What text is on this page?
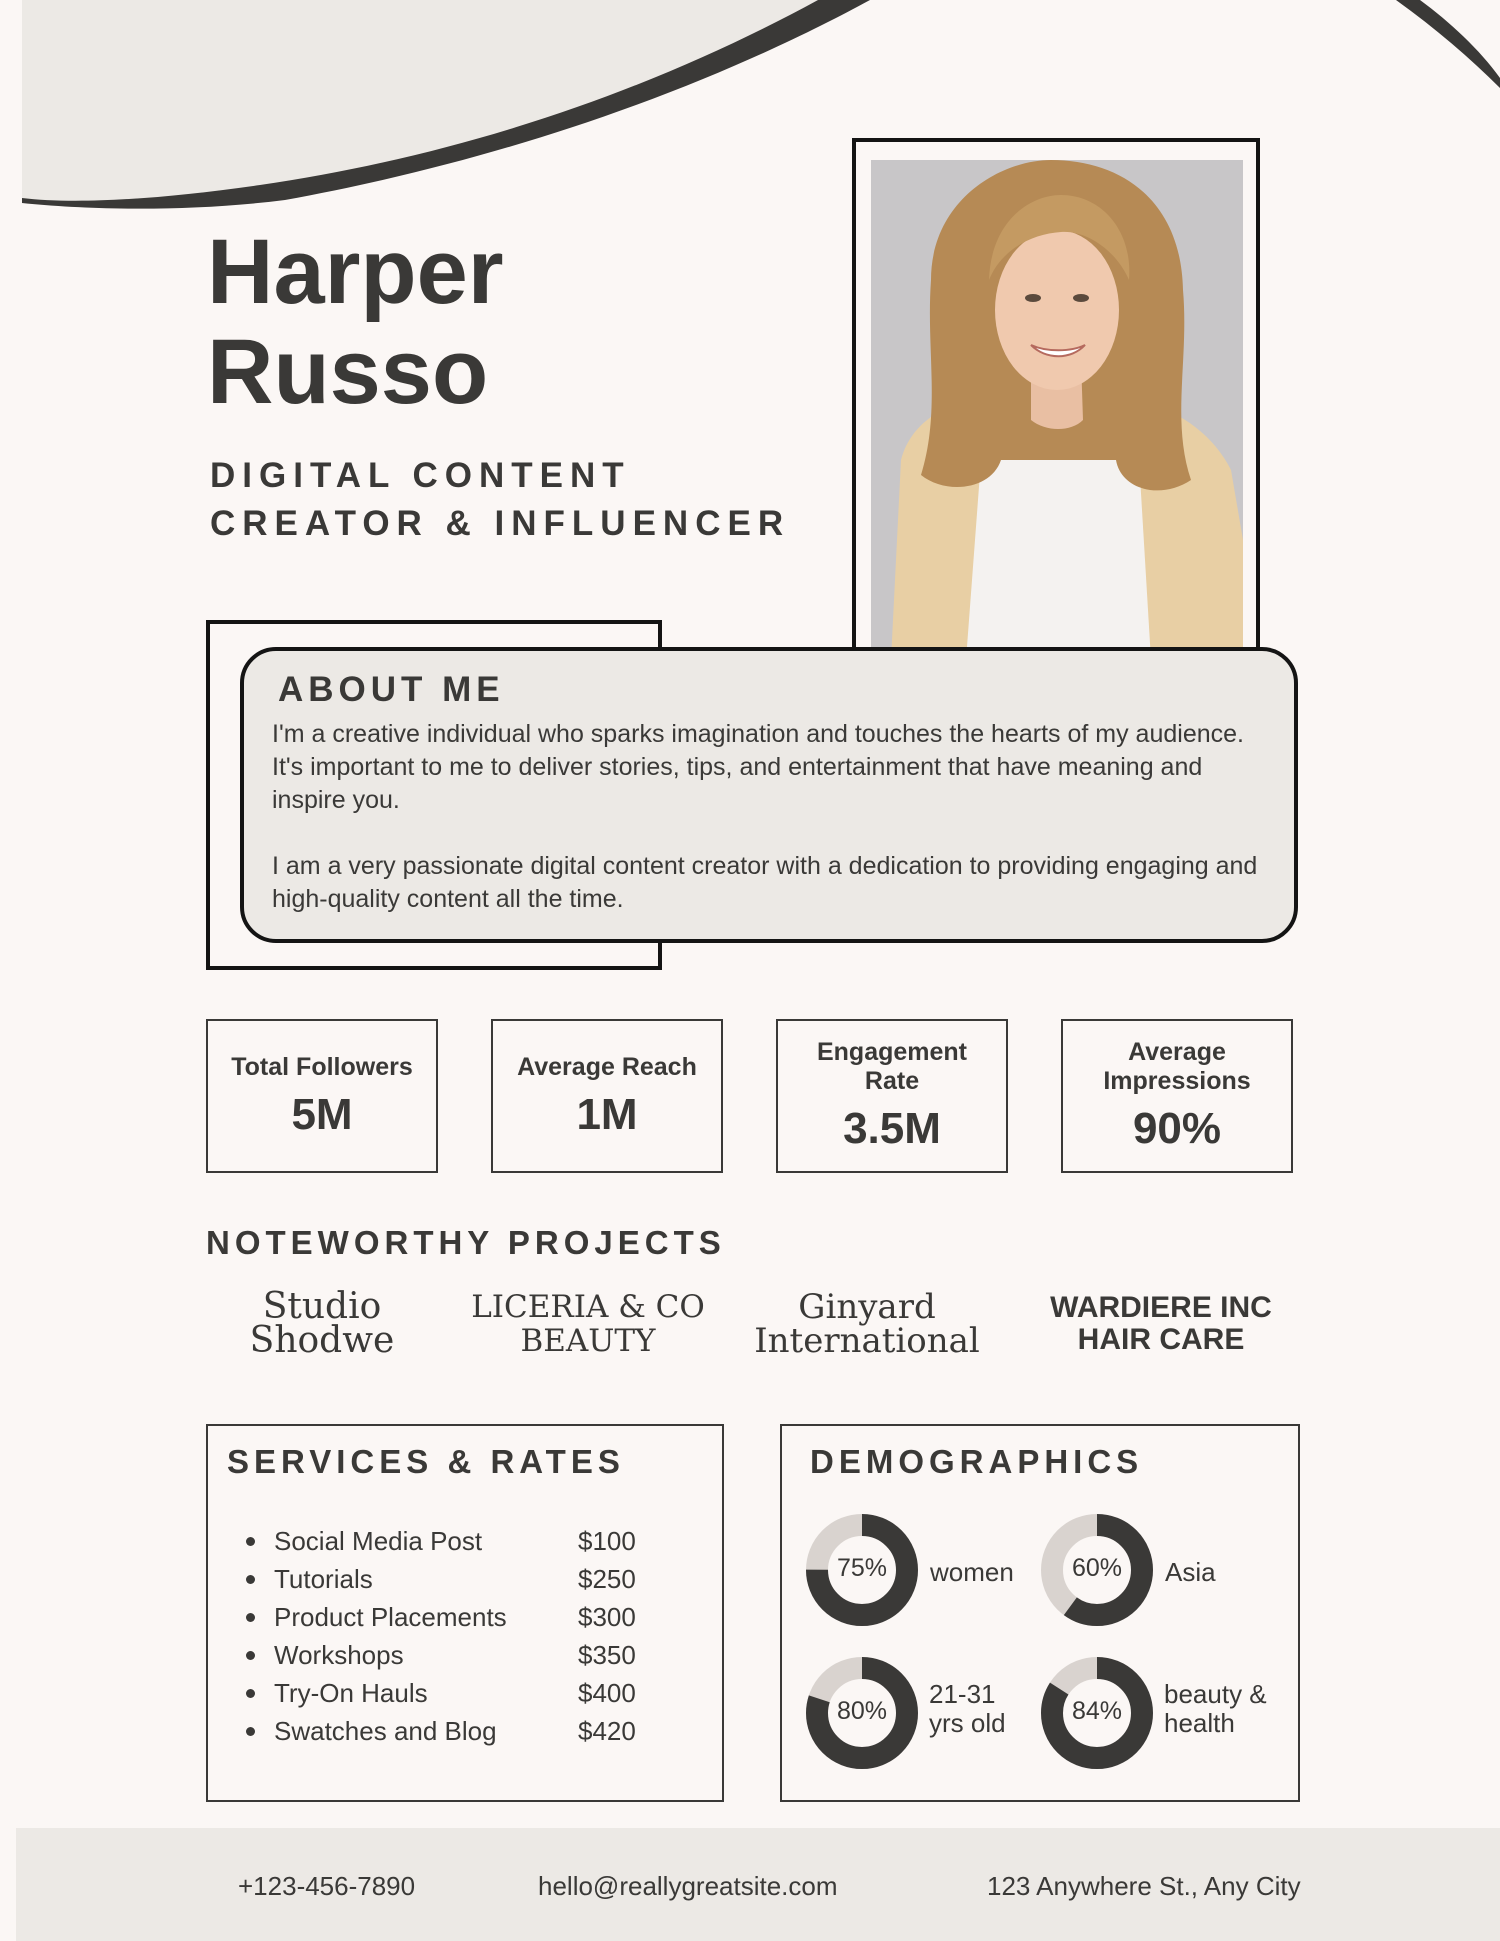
Harper
Russo
DIGITAL CONTENT
CREATOR & INFLUENCER
ABOUT ME

I'm a creative individual who sparks imagination and touches the hearts of my audience. It's important to me to deliver stories, tips, and entertainment that have meaning and inspire you.

I am a very passionate digital content creator with a dedication to providing engaging and high-quality content all the time.

Total Followers
5M
Average Reach
1M
Engagement Rate
3.5M
Average Impressions
90%
NOTEWORTHY PROJECTS
Studio
Shodwe
LICERIA & CO
BEAUTY
Ginyard
International
WARDIERE INC
HAIR CARE
SERVICES & RATES
Social Media Post	$100
Tutorials	$250
Product Placements	$300
Workshops	$350
Try-On Hauls	$400
Swatches and Blog	$420
DEMOGRAPHICS
75%	60%
80%	84%
women	Asia
21-31
yrs old
beauty &
health
+123-456-7890	hello@reallygreatsite.com	123 Anywhere St., Any City
